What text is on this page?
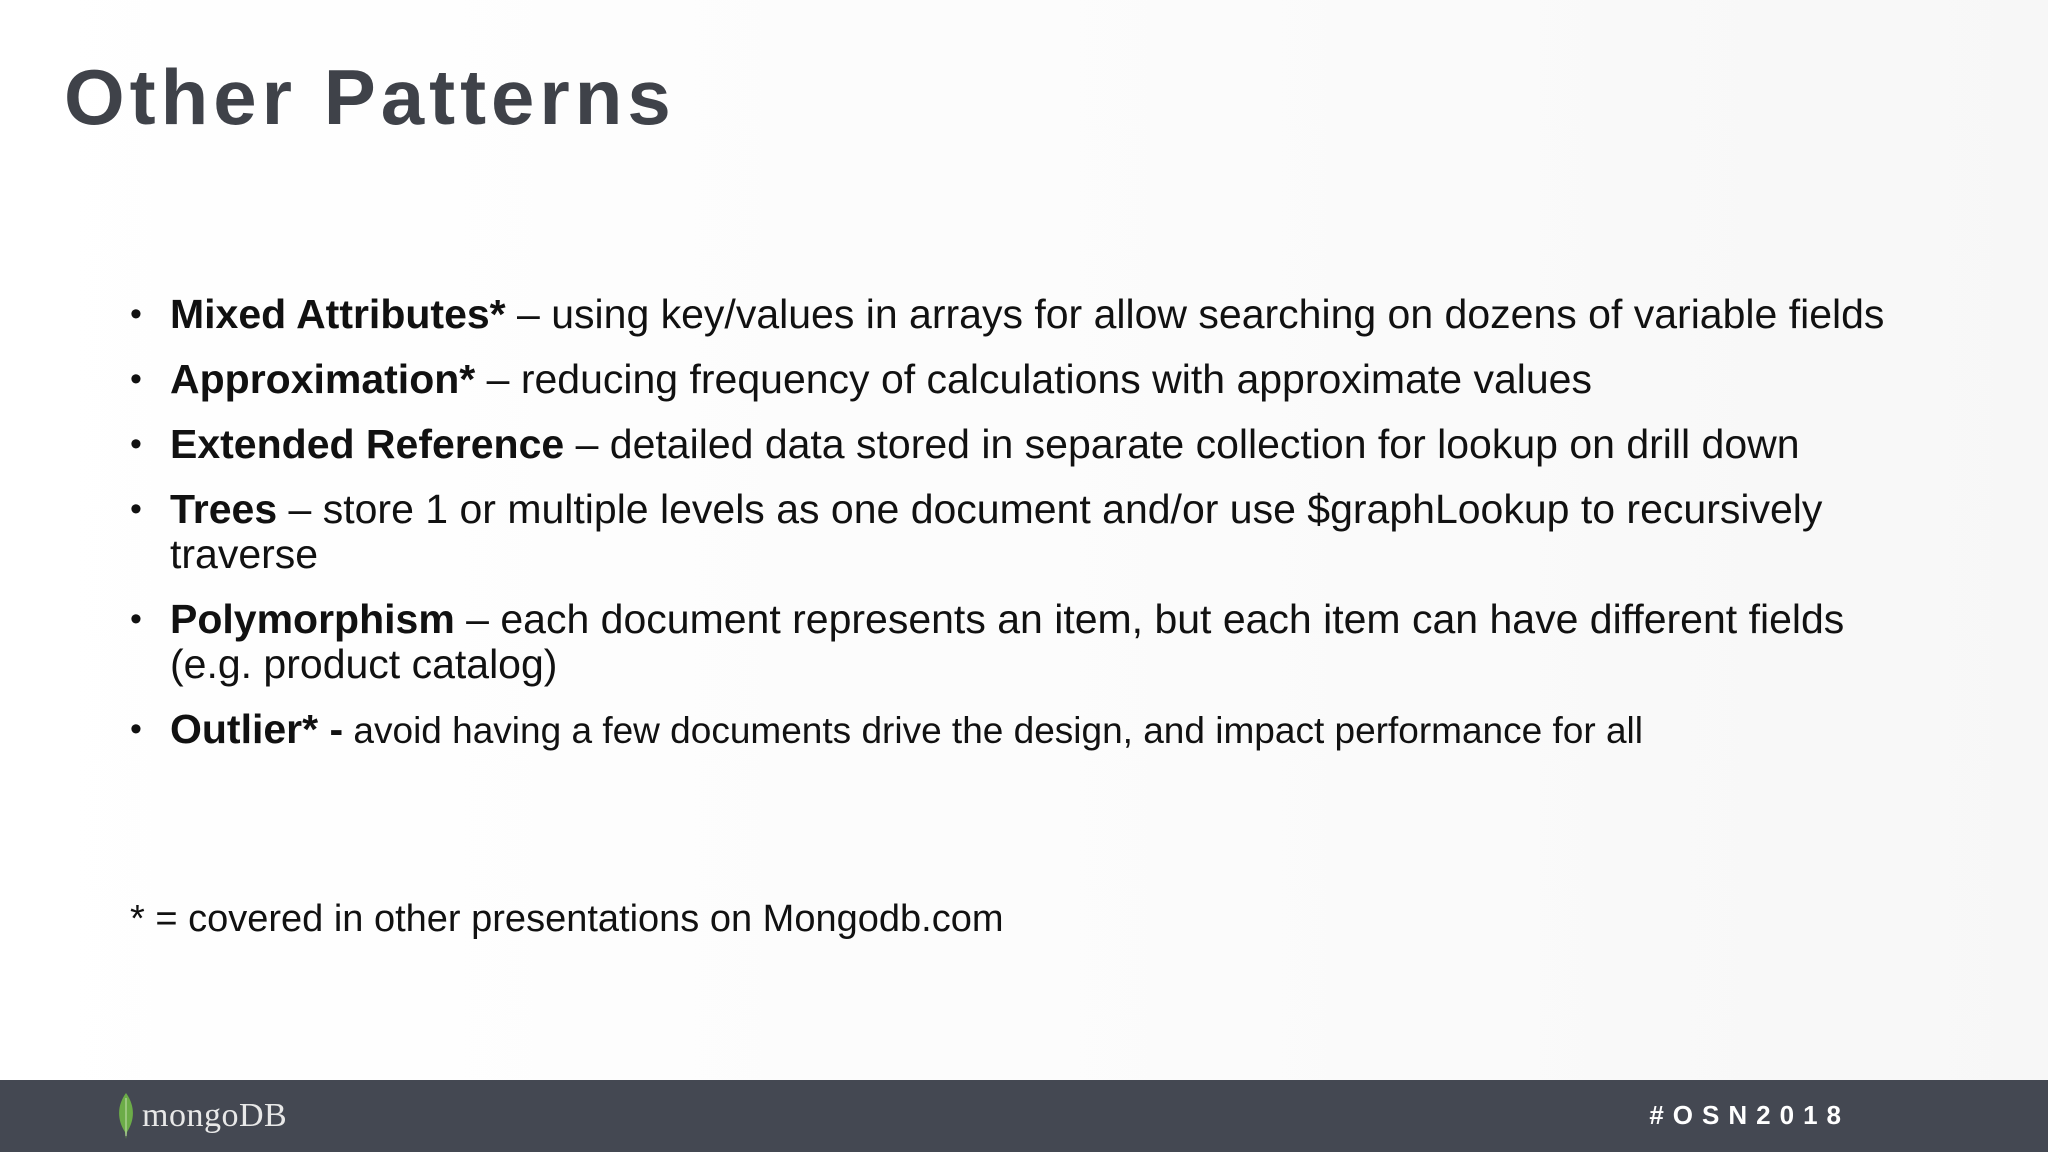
Other Patterns
• Mixed Attributes* – using key/values in arrays for allow searching on dozens of variable fields
• Approximation* – reducing frequency of calculations with approximate values
• Extended Reference – detailed data stored in separate collection for lookup on drill down
• Trees – store 1 or multiple levels as one document and/or use $graphLookup to recursively traverse
• Polymorphism – each document represents an item, but each item can have different fields (e.g. product catalog)
• Outlier* - avoid having a few documents drive the design, and impact performance for all

* = covered in other presentations on Mongodb.com

mongoDB	#OSN2018
